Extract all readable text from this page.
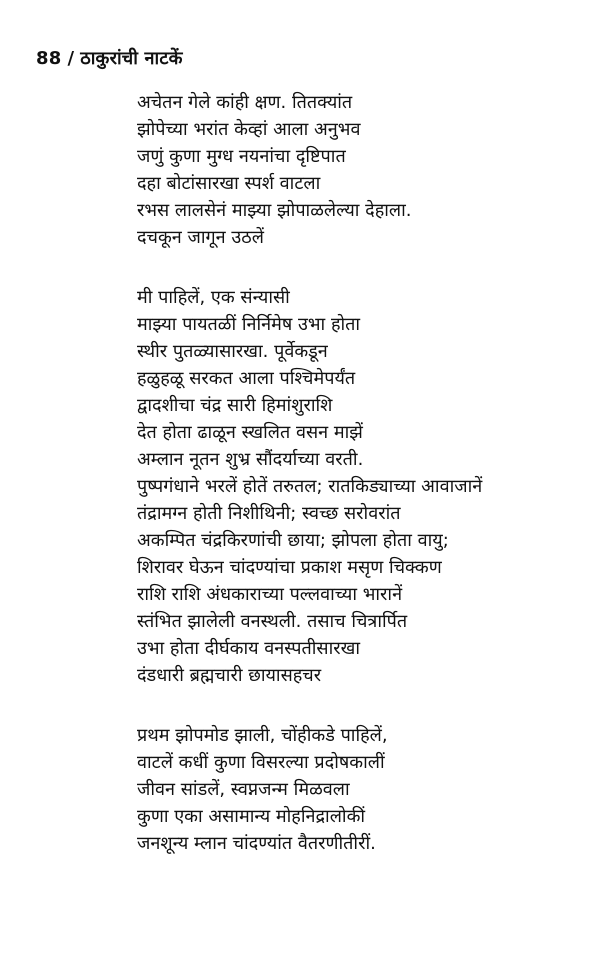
88 / ठाकुरांची नाटकें
अचेतन गेले कांही क्षण. तितक्यांत
झोपेच्या भरांत केव्हां आला अनुभव
जणुं कुणा मुग्ध नयनांचा दृष्टिपात
दहा बोटांसारखा स्पर्श वाटला
रभस लालसेनं माझ्या झोपाळलेल्या देहाला.
दचकून जागून उठलें
मी पाहिलें, एक संन्यासी
माझ्या पायतळीं निर्निमेष उभा होता
स्थीर पुतळ्यासारखा. पूर्वेकडून
हळुहळू सरकत आला पश्चिमेपर्यंत
द्वादशीचा चंद्र सारी हिमांशुराशि
देत होता ढाळून स्खलित वसन माझें
अम्लान नूतन शुभ्र सौंदर्याच्या वरती.
पुष्पगंधाने भरलें होतें तरुतल; रातकिड्याच्या आवाजानें
तंद्रामग्न होती निशीथिनी; स्वच्छ सरोवरांत
अकम्पित चंद्रकिरणांची छाया; झोपला होता वायु;
शिरावर घेऊन चांदण्यांचा प्रकाश मसृण चिक्कण
राशि राशि अंधकाराच्या पल्लवाच्या भारानें
स्तंभित झालेली वनस्थली. तसाच चित्रार्पित
उभा होता दीर्घकाय वनस्पतीसारखा
दंडधारी ब्रह्मचारी छायासहचर
प्रथम झोपमोड झाली, चोंहीकडे पाहिलें,
वाटलें कधीं कुणा विसरल्या प्रदोषकालीं
जीवन सांडलें, स्वप्नजन्म मिळवला
कुणा एका असामान्य मोहनिद्रालोकीं
जनशून्य म्लान चांदण्यांत वैतरणीतीरीं.
